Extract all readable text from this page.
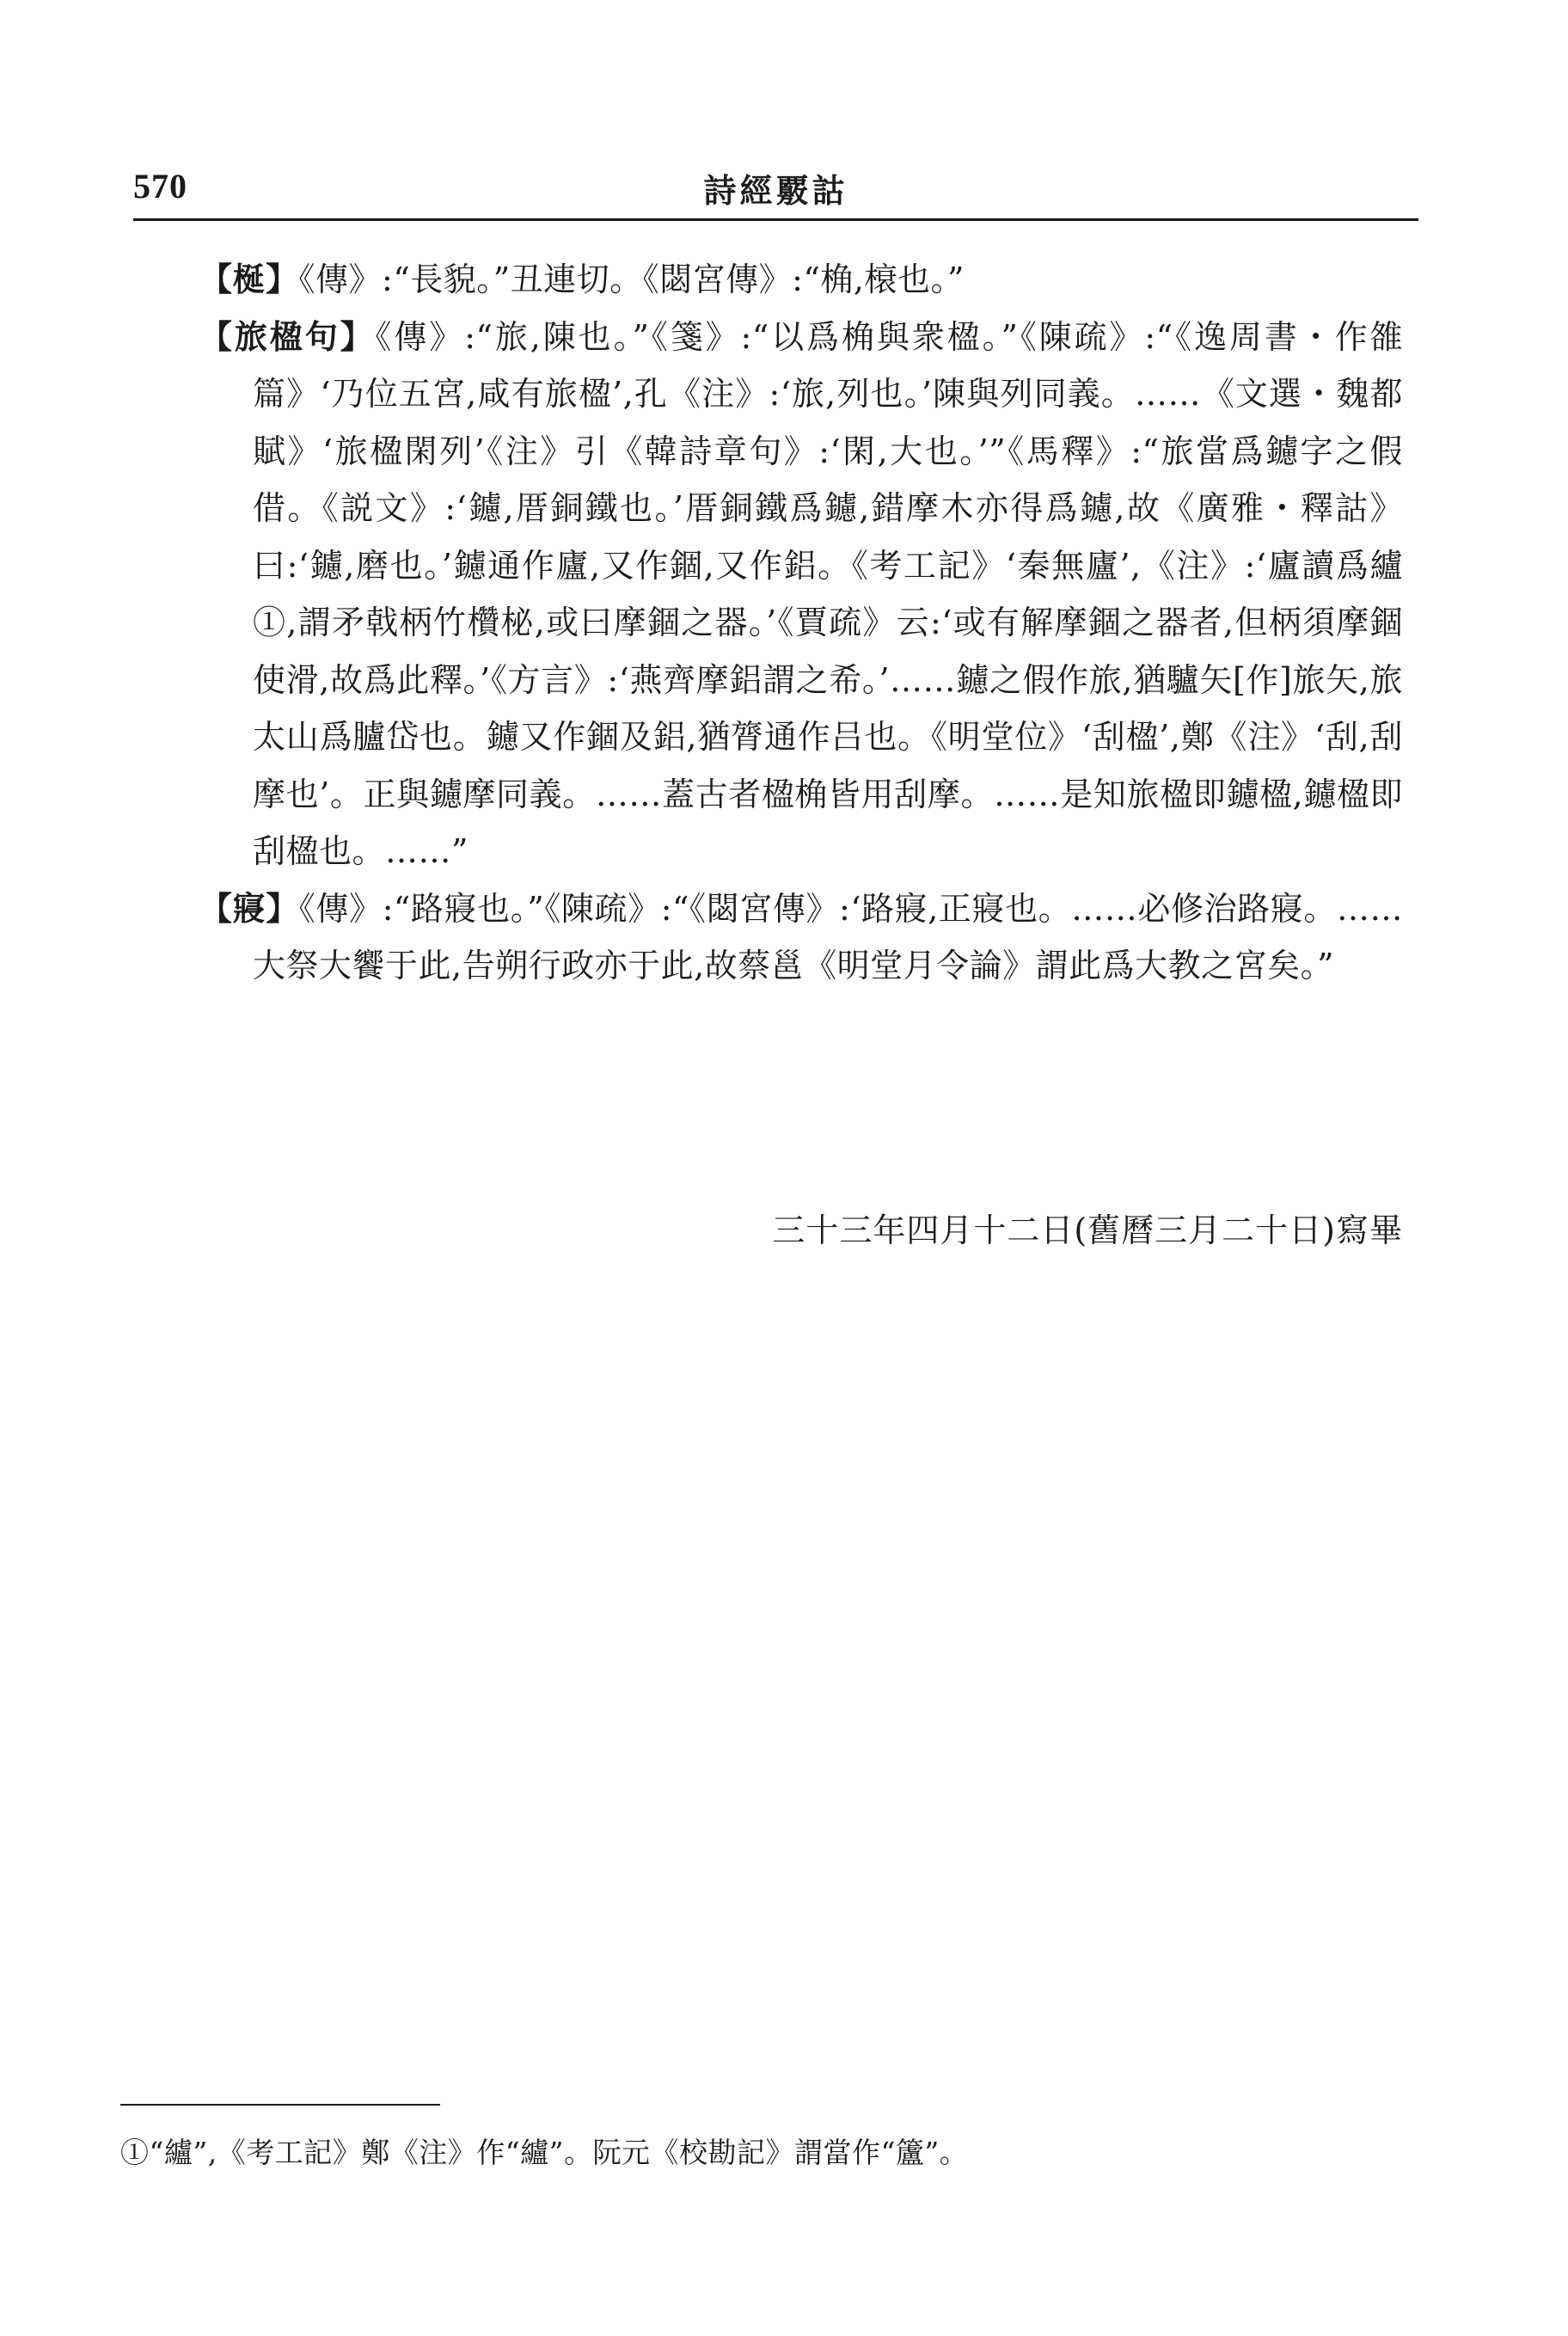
570	詩經覈詁

【梴】《傳》:“長貌。”丑連切。《閟宮傳》:“桷,榱也。”

【旅楹句】《傳》:“旅,陳也。”《箋》:“以爲桷與衆楹。”《陳疏》:“《逸周書・作雒篇》‘乃位五宮,咸有旅楹’,孔《注》:‘旅,列也。’陳與列同義。……《文選・魏都賦》‘旅楹閑列’《注》引《韓詩章句》:‘閑,大也。’”《馬釋》:“旅當爲鑢字之假借。《説文》:‘鑢,厝銅鐵也。’厝銅鐵爲鑢,錯摩木亦得爲鑢,故《廣雅・釋詁》曰:‘鑢,磨也。’鑢通作廬,又作錮,又作鋁。《考工記》‘秦無廬’,《注》:‘廬讀爲纑①,謂矛戟柄竹欑柲,或曰摩錮之器。’《賈疏》云:‘或有解摩錮之器者,但柄須摩錮使滑,故爲此釋。’《方言》:‘燕齊摩鋁謂之希。’……鑢之假作旅,猶驢矢[作]旅矢,旅太山爲臚岱也。鑢又作錮及鋁,猶膂通作吕也。《明堂位》‘刮楹’,鄭《注》‘刮,刮摩也’。正與鑢摩同義。……蓋古者楹桷皆用刮摩。……是知旅楹即鑢楹,鑢楹即刮楹也。……”

【寢】《傳》:“路寢也。”《陳疏》:“《閟宮傳》:‘路寢,正寢也。……必修治路寢。……大祭大饗于此,告朔行政亦于此,故蔡邕《明堂月令論》謂此爲大教之宮矣。”

三十三年四月十二日(舊曆三月二十日)寫畢
①“纑”,《考工記》鄭《注》作“纑”。阮元《校勘記》謂當作“籚”。
